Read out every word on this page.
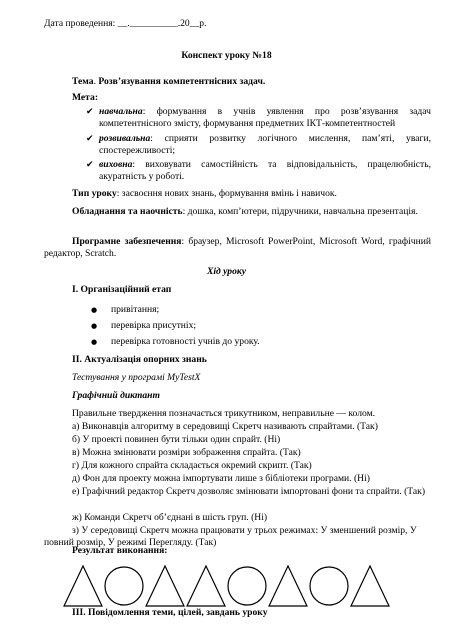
Дата проведення: __.__________.20__р.
Конспект уроку №18
Тема. Розв’язування компетентнісних задач.
Мета:
✔ навчальна: формування в учнів уявлення про розв’язування задач компетентнісного змісту, формування предметних ІКТ-компетентностей
✔ розвивальна: сприяти розвитку логічного мислення, пам’яті, уваги, спостережливості;
✔ виховна: виховувати самостійність та відповідальність, працелюбність, акуратність у роботі.
Тип уроку: засвоєння нових знань, формування вмінь і навичок.
Обладнання та наочність: дошка, комп’ютери, підручники, навчальна презентація.
Програмне забезпечення: браузер, Microsoft PowerPoint, Microsoft Word, графічний редактор, Scratch.
Хід уроку
І. Організаційний етап
● привітання;
● перевірка присутніх;
● перевірка готовності учнів до уроку.
ІІ. Актуалізація опорних знань
Тестування у програмі MyTestX
Графічний диктант
Правильне твердження позначається трикутником, неправильне — колом.
а) Виконавців алгоритму в середовищі Скретч називають спрайтами. (Так)
б) У проекті повинен бути тільки один спрайт. (Ні)
в) Можна змінювати розміри зображення спрайта. (Так)
г) Для кожного спрайта складається окремий скрипт. (Так)
д) Фон для проекту можна імпортувати лише з бібліотеки програми. (Ні)
е) Графічний редактор Скретч дозволяє змінювати імпортовані фони та спрайти. (Так)
ж) Команди Скретч об’єднані в шість груп. (Ні)
з) У середовищі Скретч можна працювати у трьох режимах: У зменшений розмір, У повний розмір, У режимі Перегляду. (Так)
Результат виконання:
ІІІ. Повідомлення теми, цілей, завдань уроку
